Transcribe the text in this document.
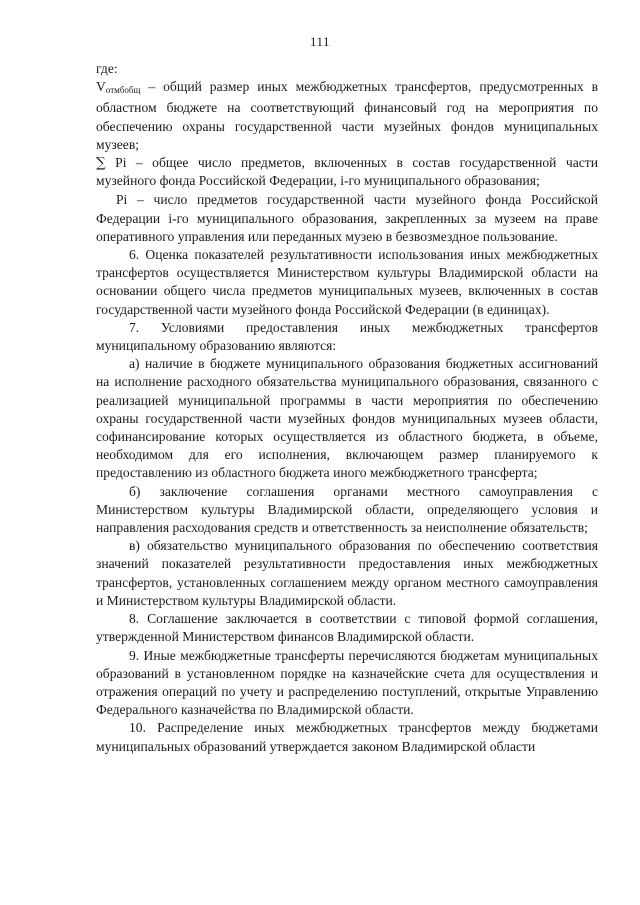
111

где:

$V_{отмбобщ}$ – общий размер иных межбюджетных трансфертов, предусмотренных в областном бюджете на соответствующий финансовый год на мероприятия по обеспечению охраны государственной части музейных фондов муниципальных музеев;

∑ Рi – общее число предметов, включенных в состав государственной части музейного фонда Российской Федерации, i-го муниципального образования;

Рi – число предметов государственной части музейного фонда Российской Федерации i-го муниципального образования, закрепленных за музеем на праве оперативного управления или переданных музею в безвозмездное пользование.

6. Оценка показателей результативности использования иных межбюджетных трансфертов осуществляется Министерством культуры Владимирской области на основании общего числа предметов муниципальных музеев, включенных в состав государственной части музейного фонда Российской Федерации (в единицах).

7. Условиями предоставления иных межбюджетных трансфертов муниципальному образованию являются:

а) наличие в бюджете муниципального образования бюджетных ассигнований на исполнение расходного обязательства муниципального образования, связанного с реализацией муниципальной программы в части мероприятия по обеспечению охраны государственной части музейных фондов муниципальных музеев области, софинансирование которых осуществляется из областного бюджета, в объеме, необходимом для его исполнения, включающем размер планируемого к предоставлению из областного бюджета иного межбюджетного трансферта;

б) заключение соглашения органами местного самоуправления с Министерством культуры Владимирской области, определяющего условия и направления расходования средств и ответственность за неисполнение обязательств;

в) обязательство муниципального образования по обеспечению соответствия значений показателей результативности предоставления иных межбюджетных трансфертов, установленных соглашением между органом местного самоуправления и Министерством культуры Владимирской области.

8. Соглашение заключается в соответствии с типовой формой соглашения, утвержденной Министерством финансов Владимирской области.

9. Иные межбюджетные трансферты перечисляются бюджетам муниципальных образований в установленном порядке на казначейские счета для осуществления и отражения операций по учету и распределению поступлений, открытые Управлению Федерального казначейства по Владимирской области.

10. Распределение иных межбюджетных трансфертов между бюджетами муниципальных образований утверждается законом Владимирской области
